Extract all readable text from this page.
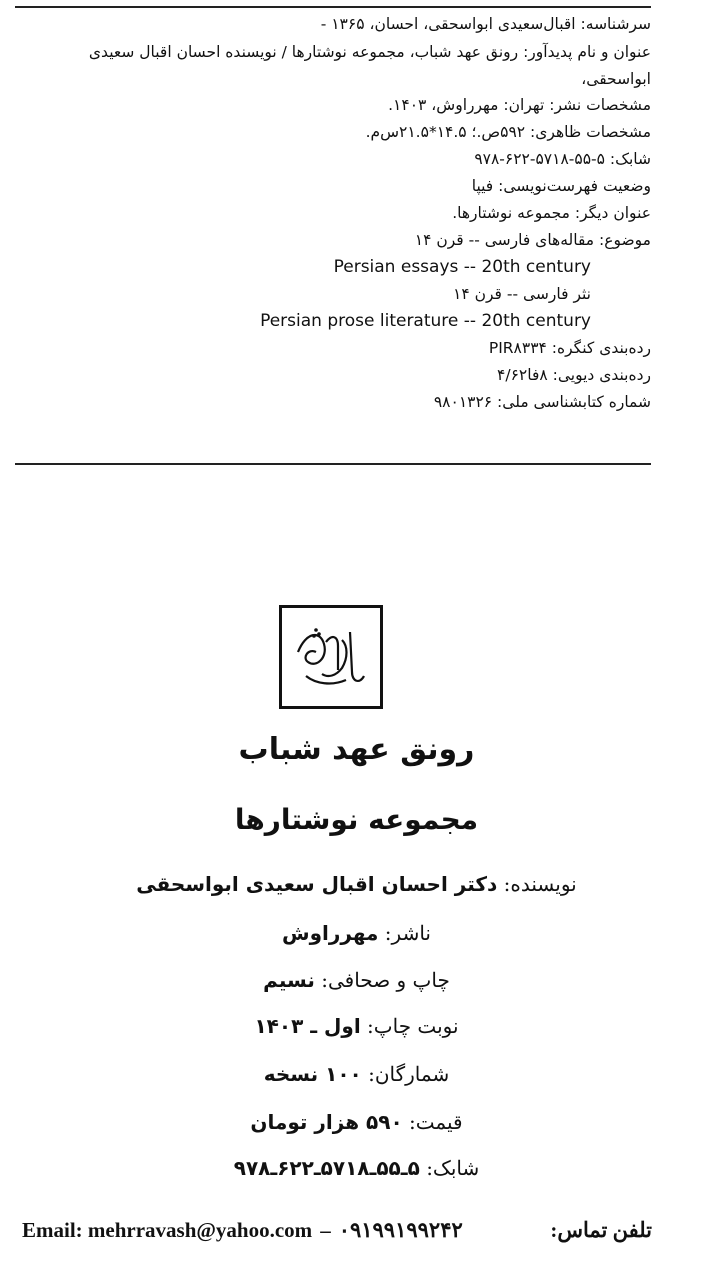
سرشناسه: اقبال‌سعیدی ابواسحقی، احسان، ۱۳۶۵ -

عنوان و نام پدیدآور: رونق عهد شباب، مجموعه نوشتارها / نویسنده احسان اقبال سعیدی ابواسحقی،

مشخصات نشر: تهران: مهرراوش، ۱۴۰۳.

مشخصات ظاهری: ۵۹۲ص.؛ ۱۴.۵*۲۱.۵س‌م.

شابک: ۵-۵۵-۵۷۱۸-۶۲۲-۹۷۸

وضعیت فهرست‌نویسی: فیپا

عنوان دیگر: مجموعه نوشتارها.

موضوع: مقاله‌های فارسی -- قرن ۱۴

Persian essays -- 20th century

نثر فارسی -- قرن ۱۴

Persian prose literature -- 20th century

رده‌بندی کنگره: PIR۸۳۳۴

رده‌بندی دیویی: ۸فا۴/۶۲

شماره کتابشناسی ملی: ۹۸۰۱۳۲۶

رونق عهد شباب
مجموعه نوشتارها
نویسنده: دکتر احسان اقبال سعیدی ابواسحقی
ناشر: مهرراوش
چاپ و صحافی: نسیم
نوبت چاپ: اول ـ ۱۴۰۳
شمارگان: ۱۰۰ نسخه
قیمت: ۵۹۰ هزار تومان
شابک: ۵ـ۵۵ـ۵۷۱۸ـ۶۲۲ـ۹۷۸
Email: mehrravash@yahoo.com – ۰۹۱۹۹۱۹۹۲۴۲	تلفن تماس:
